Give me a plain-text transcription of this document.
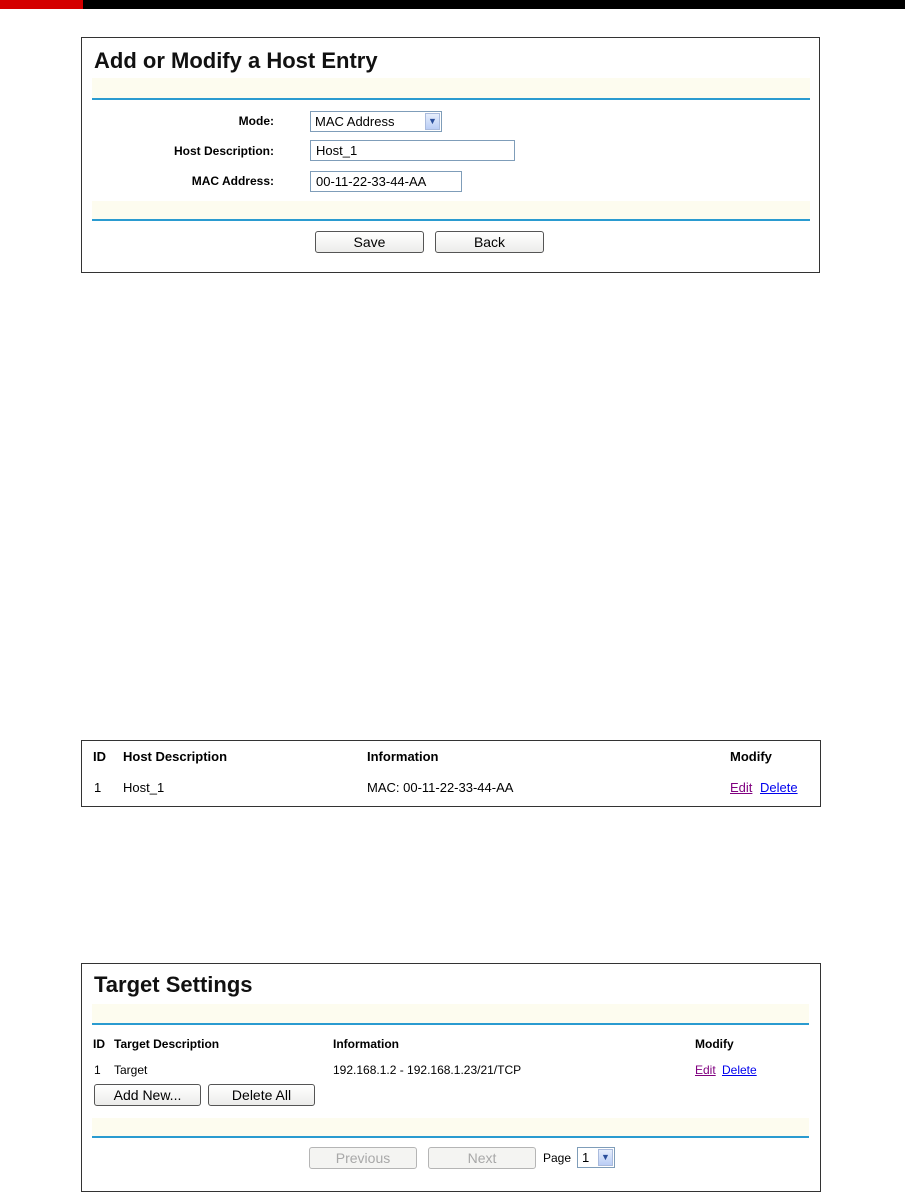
Add or Modify a Host Entry
Mode:	MAC Address	▼
Host Description:	Host_1
MAC Address:	00-11-22-33-44-AA
Save	Back
ID Host Description	Information	Modify
1 Host_1	MAC: 00-11-22-33-44-AA	Edit Delete
Target Settings
ID Target Description	Information	Modify
1 Target	192.168.1.2 - 192.168.1.23/21/TCP	Edit Delete
Add New...	Delete All
Previous	Next	Page 1	▼
